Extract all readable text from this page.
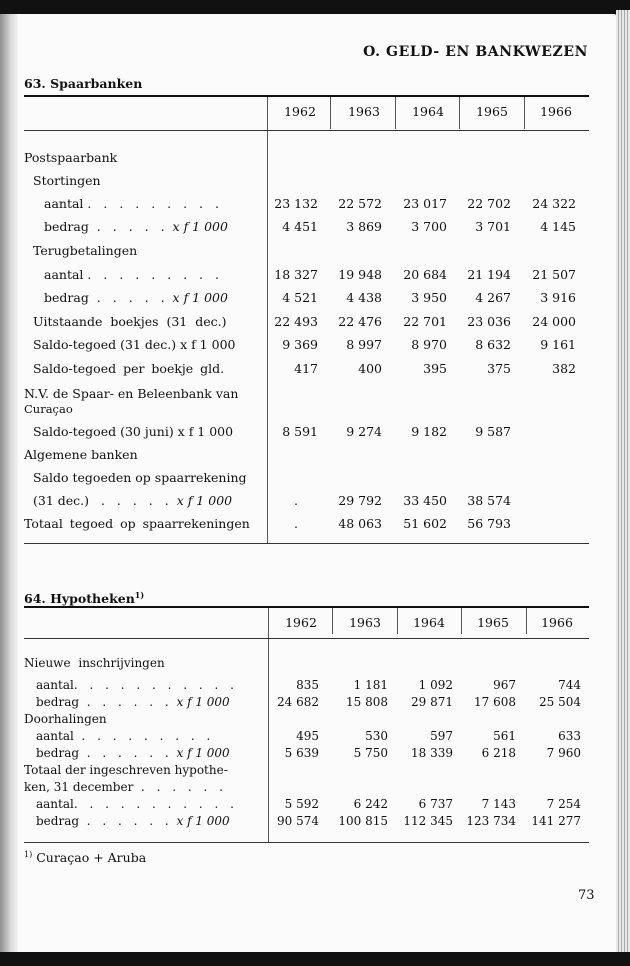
O. GELD- EN BANKWEZEN
63. Spaarbanken
1962	1963	1964	1965	1966
Postspaarbank
Stortingen
aantal . . . . . . . . .	23 132	22 572	23 017	22 702	24 322
bedrag . . . . . x f 1 000	4 451	3 869	3 700	3 701	4 145
Terugbetalingen
aantal . . . . . . . . .	18 327	19 948	20 684	21 194	21 507
bedrag . . . . . x f 1 000	4 521	4 438	3 950	4 267	3 916
Uitstaande boekjes (31 dec.)	22 493	22 476	22 701	23 036	24 000
Saldo-tegoed (31 dec.) x f 1 000	9 369	8 997	8 970	8 632	9 161
Saldo-tegoed per boekje gld.	417	400	395	375	382
N.V. de Spaar- en Beleenbank van
Curaçao
Saldo-tegoed (30 juni) x f 1 000	8 591	9 274	9 182	9 587
Algemene banken
Saldo tegoeden op spaarrekening
(31 dec.) . . . . . x f 1 000	.	29 792	33 450	38 574
Totaal tegoed op spaarrekeningen	.	48 063	51 602	56 793
64. Hypotheken$^{1)}$
1962	1963	1964	1965	1966
Nieuwe inschrijvingen
aantal. . . . . . . . . . .	835	1 181	1 092	967	744
bedrag . . . . . . x f 1 000	24 682	15 808	29 871	17 608	25 504
Doorhalingen
aantal . . . . . . . . .	495	530	597	561	633
bedrag . . . . . . x f 1 000	5 639	5 750	18 339	6 218	7 960
Totaal der ingeschreven hypothe-
ken, 31 december . . . . . .
aantal. . . . . . . . . . .	5 592	6 242	6 737	7 143	7 254
bedrag . . . . . . x f 1 000	90 574	100 815	112 345	123 734	141 277
$^{1)}$ Curaçao + Aruba
73
